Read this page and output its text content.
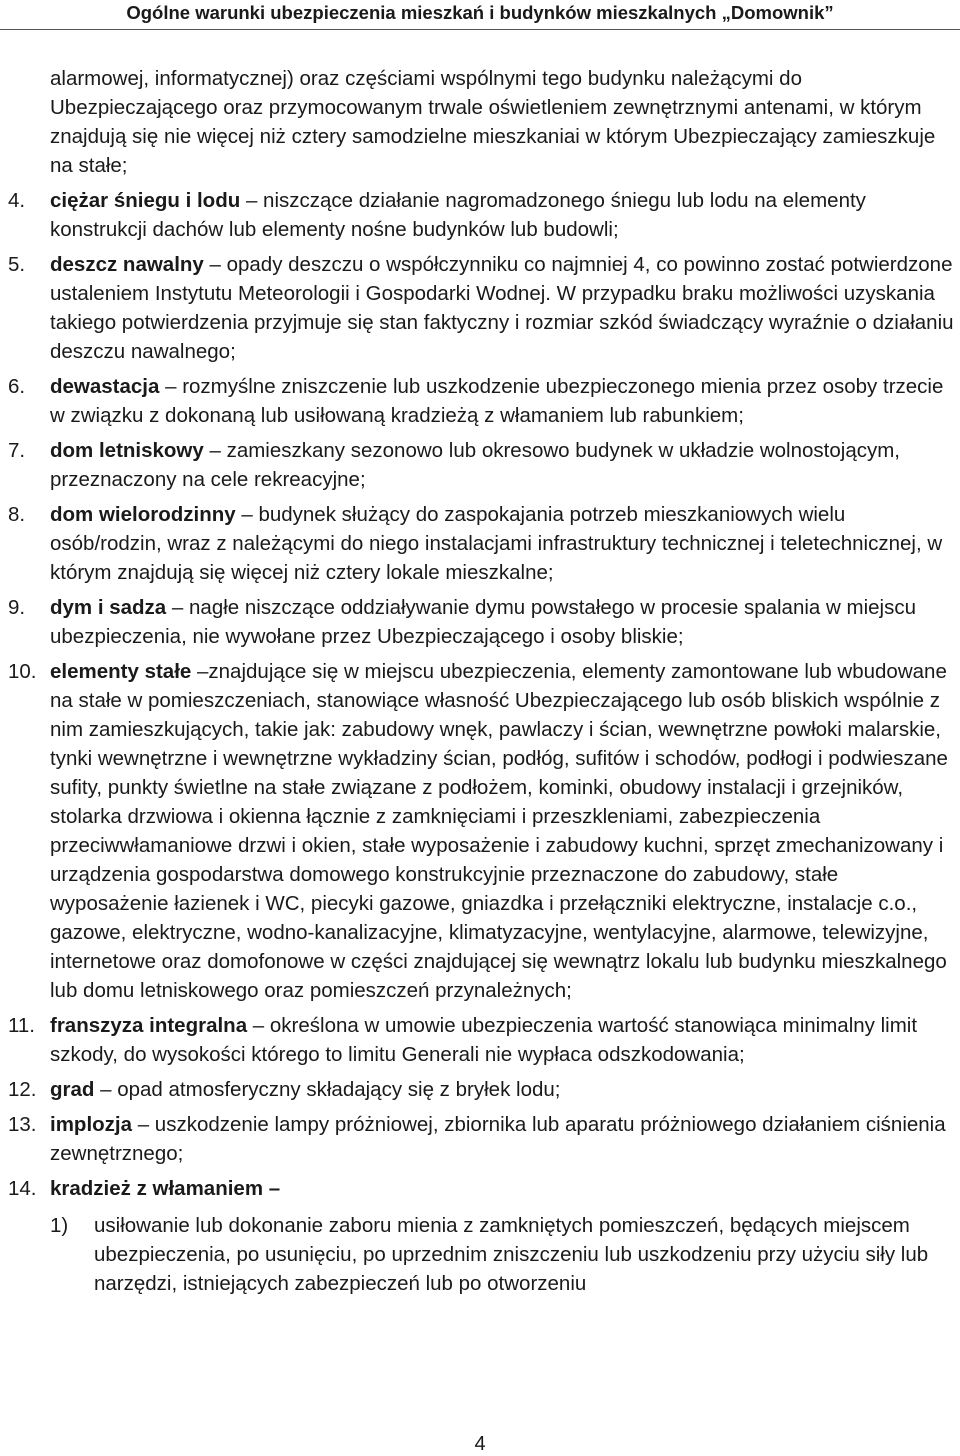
Ogólne warunki ubezpieczenia mieszkań i budynków mieszkalnych „Domownik”
alarmowej, informatycznej) oraz częściami wspólnymi tego budynku należącymi do Ubezpieczającego oraz przymocowanym trwale oświetleniem zewnętrznymi antenami, w którym znajdują się nie więcej niż cztery samodzielne mieszkaniai w którym Ubezpieczający zamieszkuje na stałe;
4. ciężar śniegu i lodu – niszczące działanie nagromadzonego śniegu lub lodu na elementy konstrukcji dachów lub elementy nośne budynków lub budowli;
5. deszcz nawalny – opady deszczu o współczynniku co najmniej 4, co powinno zostać potwierdzone ustaleniem Instytutu Meteorologii i Gospodarki Wodnej. W przypadku braku możliwości uzyskania takiego potwierdzenia przyjmuje się stan faktyczny i rozmiar szkód świadczący wyraźnie o działaniu deszczu nawalnego;
6. dewastacja – rozmyślne zniszczenie lub uszkodzenie ubezpieczonego mienia przez osoby trzecie w związku z dokonaną lub usiłowaną kradzieżą z włamaniem lub rabunkiem;
7. dom letniskowy – zamieszkany sezonowo lub okresowo budynek w układzie wolnostojącym, przeznaczony na cele rekreacyjne;
8. dom wielorodzinny – budynek służący do zaspokajania potrzeb mieszkaniowych wielu osób/rodzin, wraz z należącymi do niego instalacjami infrastruktury technicznej i teletechnicznej, w którym znajdują się więcej niż cztery lokale mieszkalne;
9. dym i sadza – nagłe niszczące oddziaływanie dymu powstałego w procesie spalania w miejscu ubezpieczenia, nie wywołane przez Ubezpieczającego i osoby bliskie;
10. elementy stałe –znajdujące się w miejscu ubezpieczenia, elementy zamontowane lub wbudowane na stałe w pomieszczeniach, stanowiące własność Ubezpieczającego lub osób bliskich wspólnie z nim zamieszkujących, takie jak: zabudowy wnęk, pawlaczy i ścian, wewnętrzne powłoki malarskie, tynki wewnętrzne i wewnętrzne wykładziny ścian, podłóg, sufitów i schodów, podłogi i podwieszane sufity, punkty świetlne na stałe związane z podłożem, kominki, obudowy instalacji i grzejników, stolarka drzwiowa i okienna łącznie z zamknięciami i przeszkleniami, zabezpieczenia przeciwwłamaniowe drzwi i okien, stałe wyposażenie i zabudowy kuchni, sprzęt zmechanizowany i urządzenia gospodarstwa domowego konstrukcyjnie przeznaczone do zabudowy, stałe wyposażenie łazienek i WC, piecyki gazowe, gniazdka i przełączniki elektryczne, instalacje c.o., gazowe, elektryczne, wodno-kanalizacyjne, klimatyzacyjne, wentylacyjne, alarmowe, telewizyjne, internetowe oraz domofonowe w części znajdującej się wewnątrz lokalu lub budynku mieszkalnego lub domu letniskowego oraz pomieszczeń przynależnych;
11. franszyza integralna – określona w umowie ubezpieczenia wartość stanowiąca minimalny limit szkody, do wysokości którego to limitu Generali nie wypłaca odszkodowania;
12. grad – opad atmosferyczny składający się z bryłek lodu;
13. implozja – uszkodzenie lampy próżniowej, zbiornika lub aparatu próżniowego działaniem ciśnienia zewnętrznego;
14. kradzież z włamaniem –
1) usiłowanie lub dokonanie zaboru mienia z zamkniętych pomieszczeń, będących miejscem ubezpieczenia, po usunięciu, po uprzednim zniszczeniu lub uszkodzeniu przy użyciu siły lub narzędzi, istniejących zabezpieczeń lub po otworzeniu
4
